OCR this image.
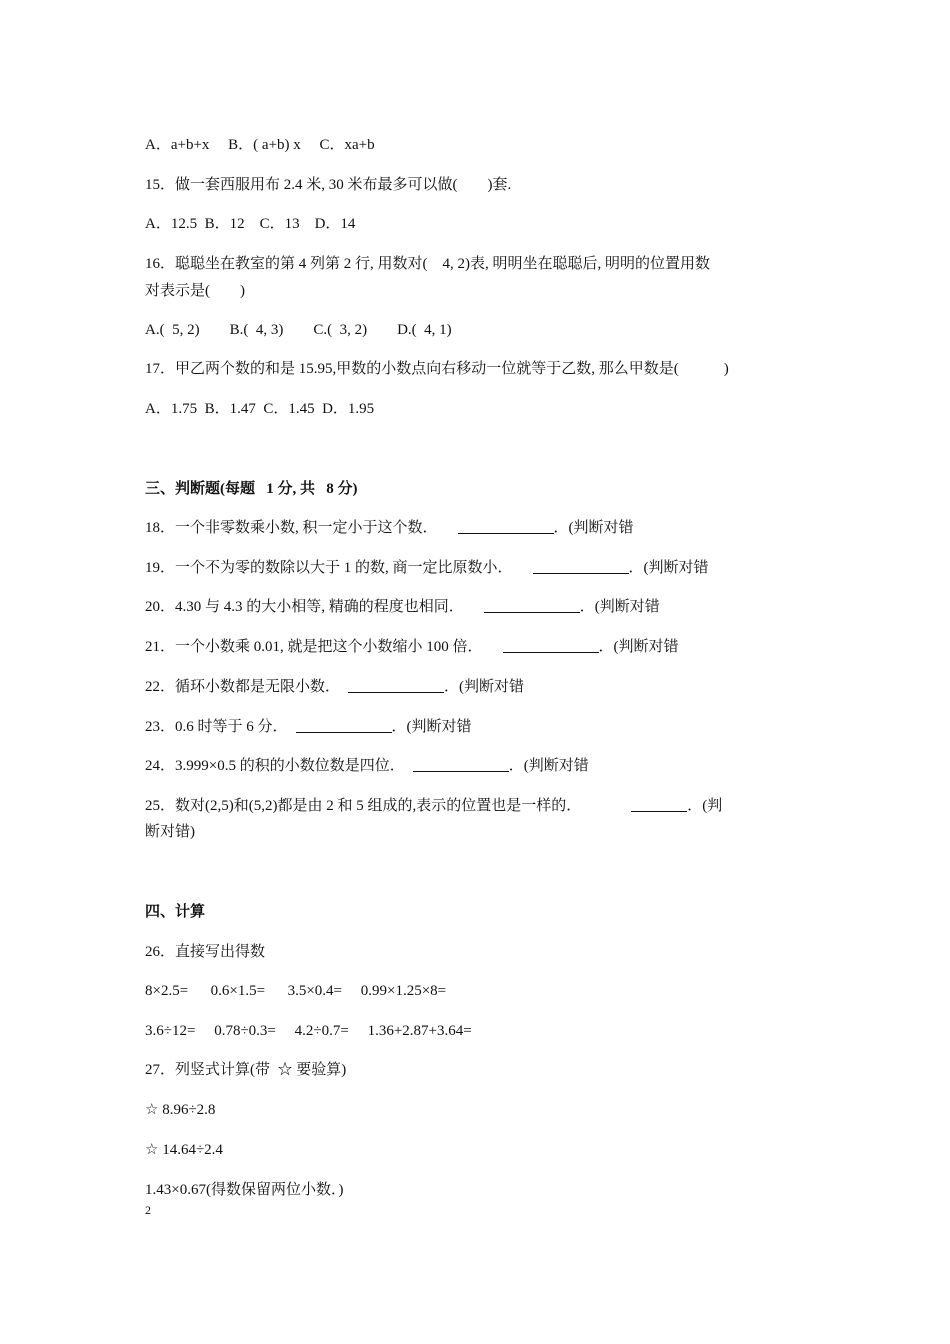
A．a+b+x     B．( a+b) x     C．xa+b
15．做一套西服用布 2.4 米, 30 米布最多可以做(        )套.
A．12.5  B．12    C．13    D．14
16．聪聪坐在教室的第 4 列第 2 行, 用数对(    4, 2)表, 明明坐在聪聪后, 明明的位置用数
对表示是(        )
A.(  5, 2)        B.(  4, 3)        C.(  3, 2)        D.(  4, 1)
17．甲乙两个数的和是 15.95,甲数的小数点向右移动一位就等于乙数, 那么甲数是(            )
A．1.75  B．1.47  C．1.45  D．1.95
三、判断题(每题   1 分, 共   8 分)
18．一个非零数乘小数, 积一定小于这个数．	．(判断对错
19．一个不为零的数除以大于 1 的数, 商一定比原数小．	．(判断对错
20．4.30 与 4.3 的大小相等, 精确的程度也相同．	．(判断对错
21．一个小数乘 0.01, 就是把这个小数缩小 100 倍．	．(判断对错
22．循环小数都是无限小数．	．(判断对错
23．0.6 时等于 6 分．	．(判断对错
24．3.999×0.5 的积的小数位数是四位．	．(判断对错
25．数对(2,5)和(5,2)都是由 2 和 5 组成的,表示的位置也是一样的．	．(判
断对错)
四、计算
26．直接写出得数
8×2.5=      0.6×1.5=      3.5×0.4=     0.99×1.25×8=
3.6÷12=     0.78÷0.3=     4.2÷0.7=     1.36+2.87+3.64=
27．列竖式计算(带  ☆ 要验算)
☆ 8.96÷2.8
☆ 14.64÷2.4
1.43×0.67(得数保留两位小数．)
2
